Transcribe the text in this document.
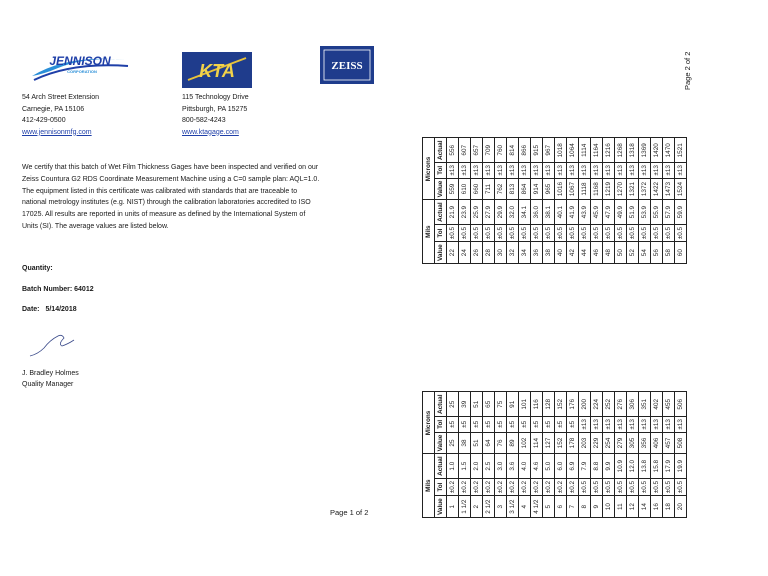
JENNISON
CORPORATION	KTA	ZEISS
54 Arch Street Extension
Carnegie, PA 15106
412-429-0500
www.jennisonmfg.com
115 Technology Drive
Pittsburgh, PA 15275
800-582-4243
www.ktagage.com

We certify that this batch of Wet Film Thickness Gages have been inspected and verified on our

Zeiss Countura G2 RDS Coordinate Measurement Machine using a C=0 sample plan: AQL=1.0.

The equipment listed in this certificate was calibrated with standards that are traceable to

national metrology institutes (e.g. NIST) through the calibration laboratories accredited to ISO

17025. All results are reported in units of measure as defined by the International System of

Units (SI). The average values are listed below.

Quantity:
Batch Number: 64012
Date: 5/14/2018
J. Bradley Holmes
Quality Manager
Page 1 of 2
Page 2 of 2
Mils			Microns		
Value	Tol	Actual	Value	Tol	Actual
22	±0.5	21.9	559	±13	556
24	±0.5	23.9	610	±13	607
26	±0.5	25.9	660	±13	657
28	±0.5	27.9	711	±13	709
30	±0.5	29.9	762	±13	760
32	±0.5	32.0	813	±13	814
34	±0.5	34.1	864	±13	866
36	±0.5	36.0	914	±13	915
38	±0.5	38.1	965	±13	967
40	±0.5	40.1	1016	±13	1018
42	±0.5	41.9	1067	±13	1064
44	±0.5	43.9	1118	±13	1114
46	±0.5	45.9	1168	±13	1164
48	±0.5	47.9	1219	±13	1216
50	±0.5	49.9	1270	±13	1268
52	±0.5	51.9	1321	±13	1318
54	±0.5	53.9	1372	±13	1369
56	±0.5	55.9	1422	±13	1420
58	±0.5	57.9	1473	±13	1470
60	±0.5	59.9	1524	±13	1521
Mils			Microns		
Value	Tol	Actual	Value	Tol	Actual
1	±0.2	1.0	25	±5	25
1 1/2	±0.2	1.5	38	±5	39
2	±0.2	2.0	51	±5	51
2 1/2	±0.2	2.5	64	±5	65
3	±0.2	3.0	76	±5	75
3 1/2	±0.2	3.6	89	±5	91
4	±0.2	4.0	102	±5	101
4 1/2	±0.2	4.6	114	±5	116
5	±0.2	5.0	127	±5	128
6	±0.2	6.0	152	±5	152
7	±0.2	6.9	178	±5	176
8	±0.5	7.9	203	±13	200
9	±0.5	8.8	229	±13	224
10	±0.5	9.9	254	±13	252
11	±0.5	10.9	279	±13	276
12	±0.5	12.0	305	±13	306
14	±0.5	13.8	356	±13	351
16	±0.5	15.8	406	±13	402
18	±0.5	17.9	457	±13	455
20	±0.5	19.9	508	±13	506
